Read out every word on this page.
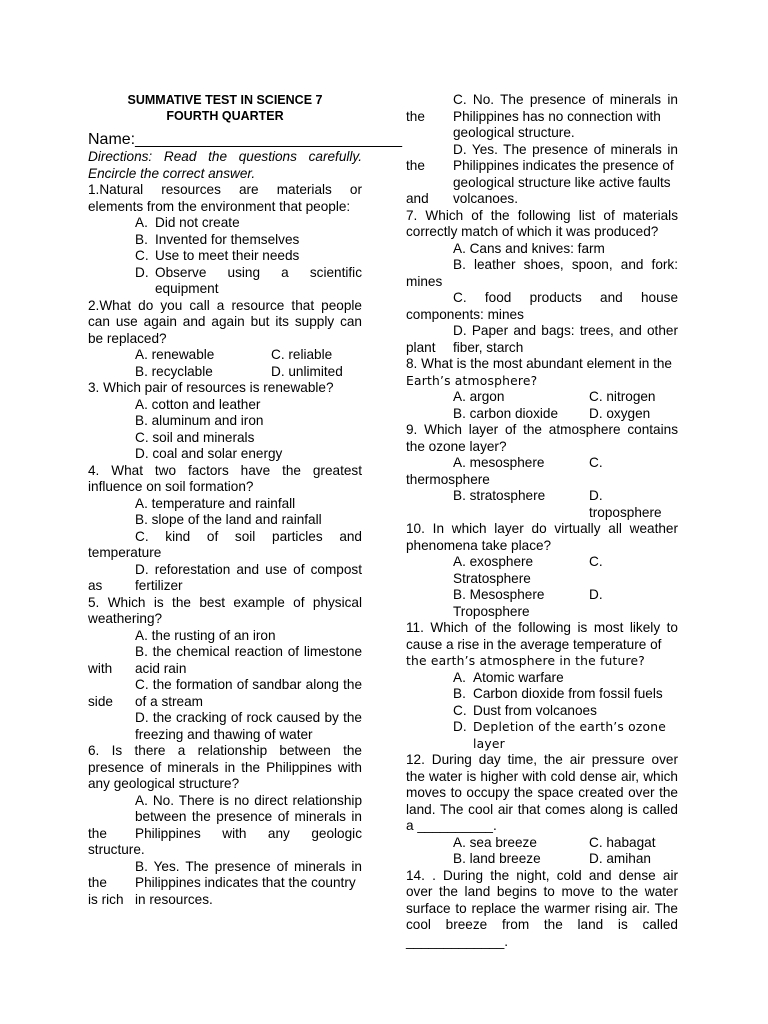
SUMMATIVE TEST IN SCIENCE 7
FOURTH QUARTER
Name:______________________________
Directions: Read the questions carefully. Encircle the correct answer.
1.Natural resources are materials or elements from the environment that people:
A. Did not create
B. Invented for themselves
C. Use to meet their needs
D. Observe using a scientific
equipment
2.What do you call a resource that people can use again and again but its supply can be replaced?
A. renewable	C. reliable
B. recyclable	D. unlimited
3. Which pair of resources is renewable?
A. cotton and leather
B. aluminum and iron
C. soil and minerals
D. coal and solar energy
4. What two factors have the greatest influence on soil formation?
A. temperature and rainfall
B. slope of the land and rainfall
C. kind of soil particles and
temperature
D. reforestation and use of compost
as	fertilizer
5. Which is the best example of physical weathering?
A. the rusting of an iron
B. the chemical reaction of limestone
with	acid rain
C. the formation of sandbar along the
side	of a stream
D. the cracking of rock caused by the
freezing and thawing of water
6. Is there a relationship between the presence of minerals in the Philippines with any geological structure?
A. No. There is no direct relationship
between the presence of minerals in
the	Philippines with any geologic
structure.
B. Yes. The presence of minerals in
the	Philippines indicates that the country
is rich in resources.
C. No. The presence of minerals in
the	Philippines has no connection with
geological structure.
D. Yes. The presence of minerals in
the	Philippines indicates the presence of
geological structure like active faults
and	volcanoes.
7. Which of the following list of materials correctly match of which it was produced?
A. Cans and knives: farm
B. leather shoes, spoon, and fork:
mines
C. food products and house
components: mines
D. Paper and bags: trees, and other
plant	fiber, starch
8. What is the most abundant element in the
Earth’s atmosphere?
A. argon	C. nitrogen
B. carbon dioxide	D. oxygen
9. Which layer of the atmosphere contains the ozone layer?
A. mesosphere	C.
thermosphere
B. stratosphere	D. troposphere
10. In which layer do virtually all weather phenomena take place?
A. exosphere	C.
Stratosphere
B. Mesosphere	D.
Troposphere
11. Which of the following is most likely to cause a rise in the average temperature of
the earth’s atmosphere in the future?
A. Atomic warfare
B. Carbon dioxide from fossil fuels
C. Dust from volcanoes
D. Depletion of the earth’s ozone
layer
12. During day time, the air pressure over the water is higher with cold dense air, which moves to occupy the space created over the land. The cool air that comes along is called a __________.
A. sea breeze	C. habagat
B. land breeze	D. amihan
14. . During the night, cold and dense air over the land begins to move to the water surface to replace the warmer rising air. The cool breeze from the land is called _____________.
